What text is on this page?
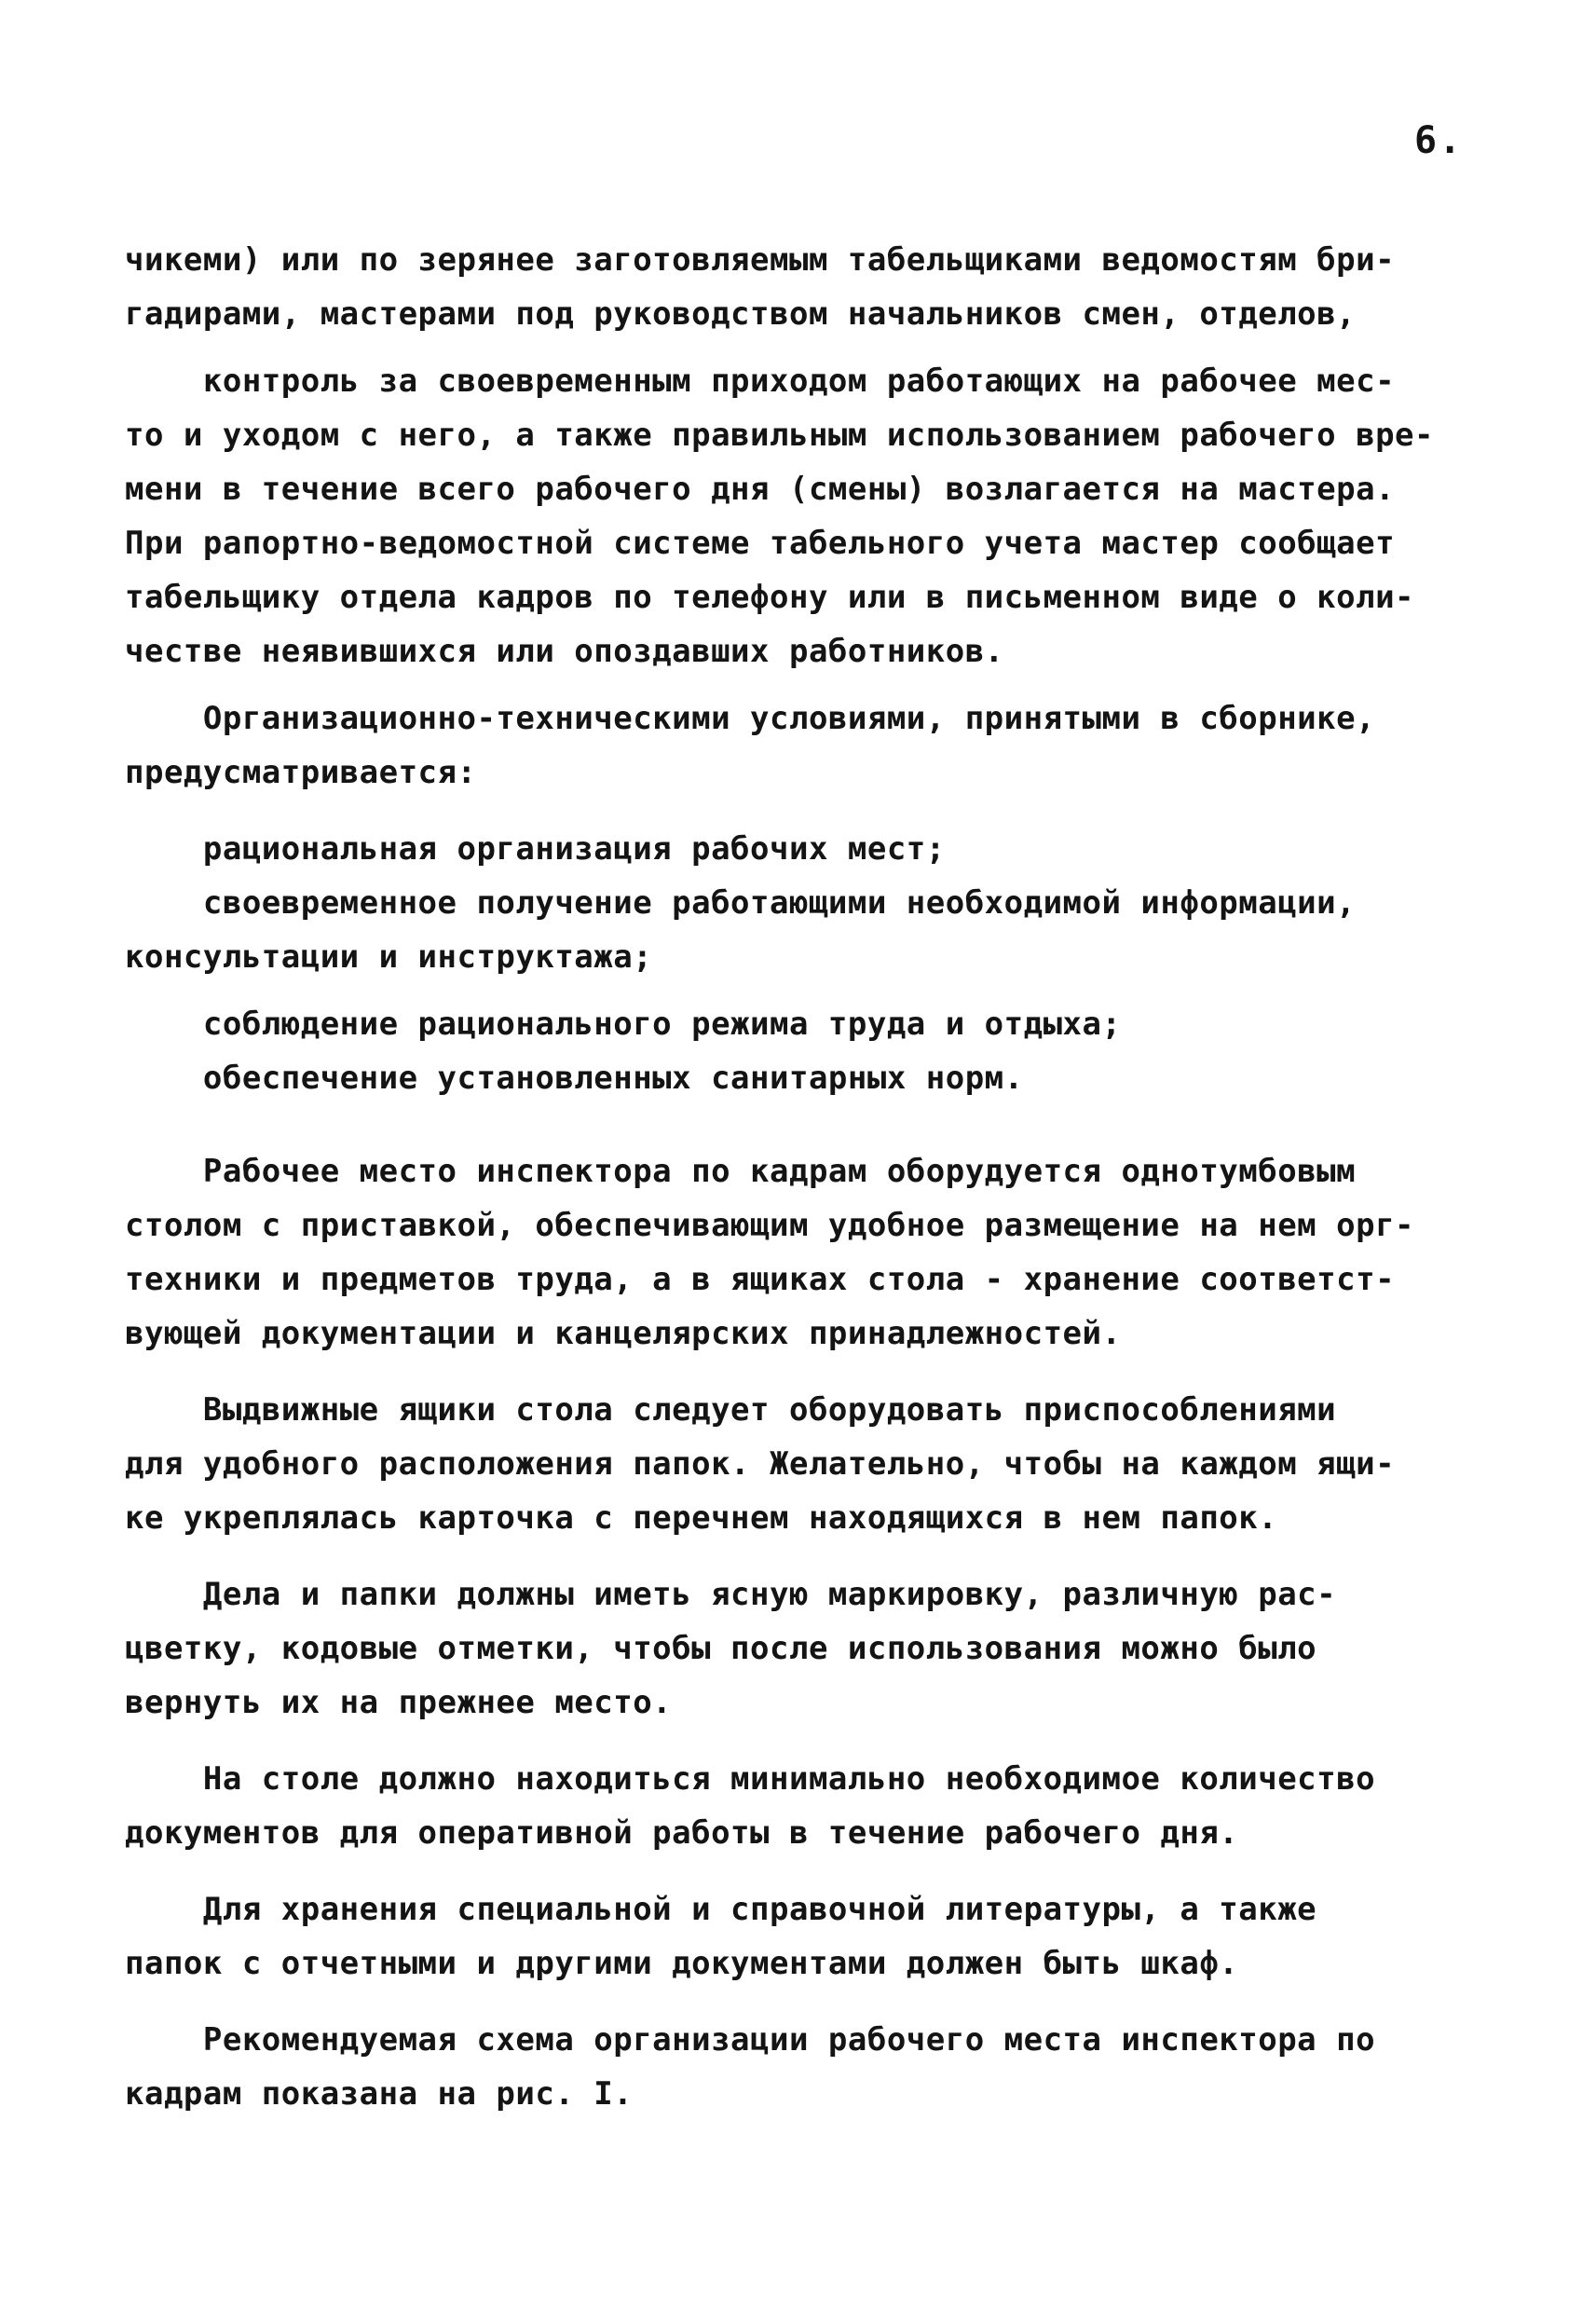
6.
чикеми) или по зерянее заготовляемым табельщиками ведомостям бри-
гадирами, мастерами под руководством начальников смен, отделов,
контроль за своевременным приходом работающих на рабочее мес-
то и уходом с него, а также правильным использованием рабочего вре-
мени в течение всего рабочего дня (смены) возлагается на мастера.
При рапортно-ведомостной системе табельного учета мастер сообщает
табельщику отдела кадров по телефону или в письменном виде о коли-
честве неявившихся или опоздавших работников.
Организационно-техническими условиями, принятыми в сборнике,
предусматривается:
рациональная организация рабочих мест;
своевременное получение работающими необходимой информации,
консультации и инструктажа;
соблюдение рационального режима труда и отдыха;
обеспечение установленных санитарных норм.
Рабочее место инспектора по кадрам оборудуется однотумбовым
столом с приставкой, обеспечивающим удобное размещение на нем орг-
техники и предметов труда, а в ящиках стола - хранение соответст-
вующей документации и канцелярских принадлежностей.
Выдвижные ящики стола следует оборудовать приспособлениями
для удобного расположения папок. Желательно, чтобы на каждом ящи-
ке укреплялась карточка с перечнем находящихся в нем папок.
Дела и папки должны иметь ясную маркировку, различную рас-
цветку, кодовые отметки, чтобы после использования можно было
вернуть их на прежнее место.
На столе должно находиться минимально необходимое количество
документов для оперативной работы в течение рабочего дня.
Для хранения специальной и справочной литературы, а также
папок с отчетными и другими документами должен быть шкаф.
Рекомендуемая схема организации рабочего места инспектора по
кадрам показана на рис. I.
